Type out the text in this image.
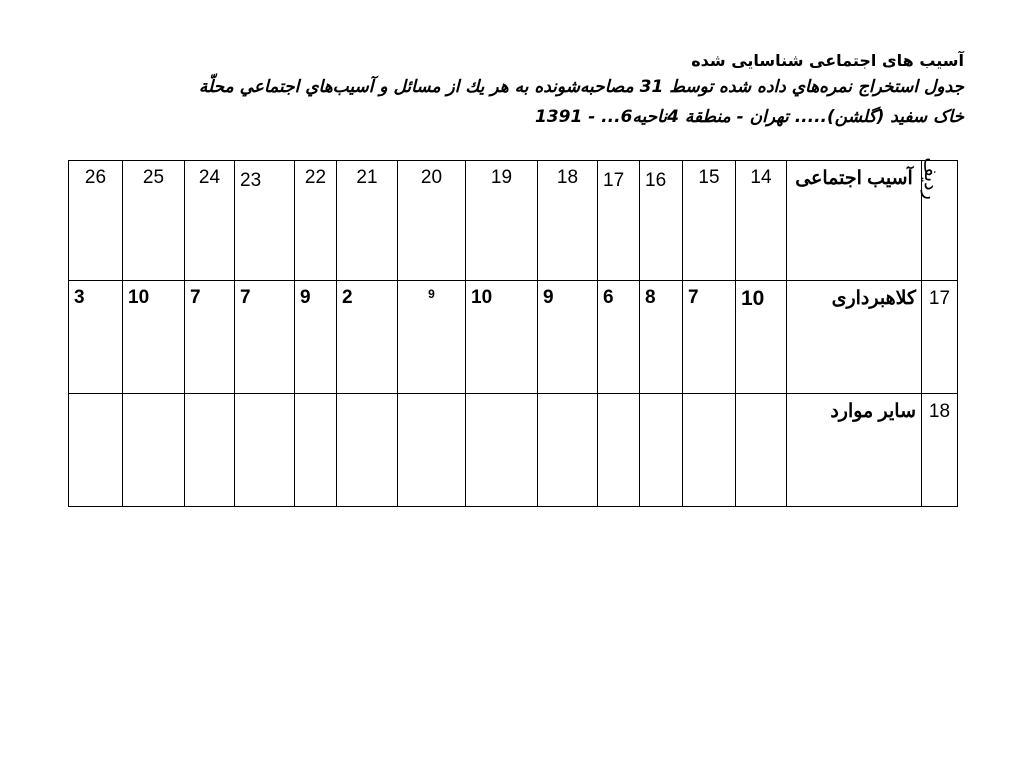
آسيب های اجتماعی شناسايی شده
جدول استخراج نمره‌هاي داده شده توسط 31 مصاحبه‌شونده به هر يك از مسائل و آسيب‌هاي اجتماعي محلّة
خاک سفيد (گلشن)..... تهران - منطقة 4ناحيه6... - 1391
رديف	آسيب اجتماعی	14	15	16	17	18	19	20	21	22	23	24	25	26
17	كلاهبرداری	10	7	8	6	9	10	9	2	9	7	7	10	3
18	ساير موارد													
